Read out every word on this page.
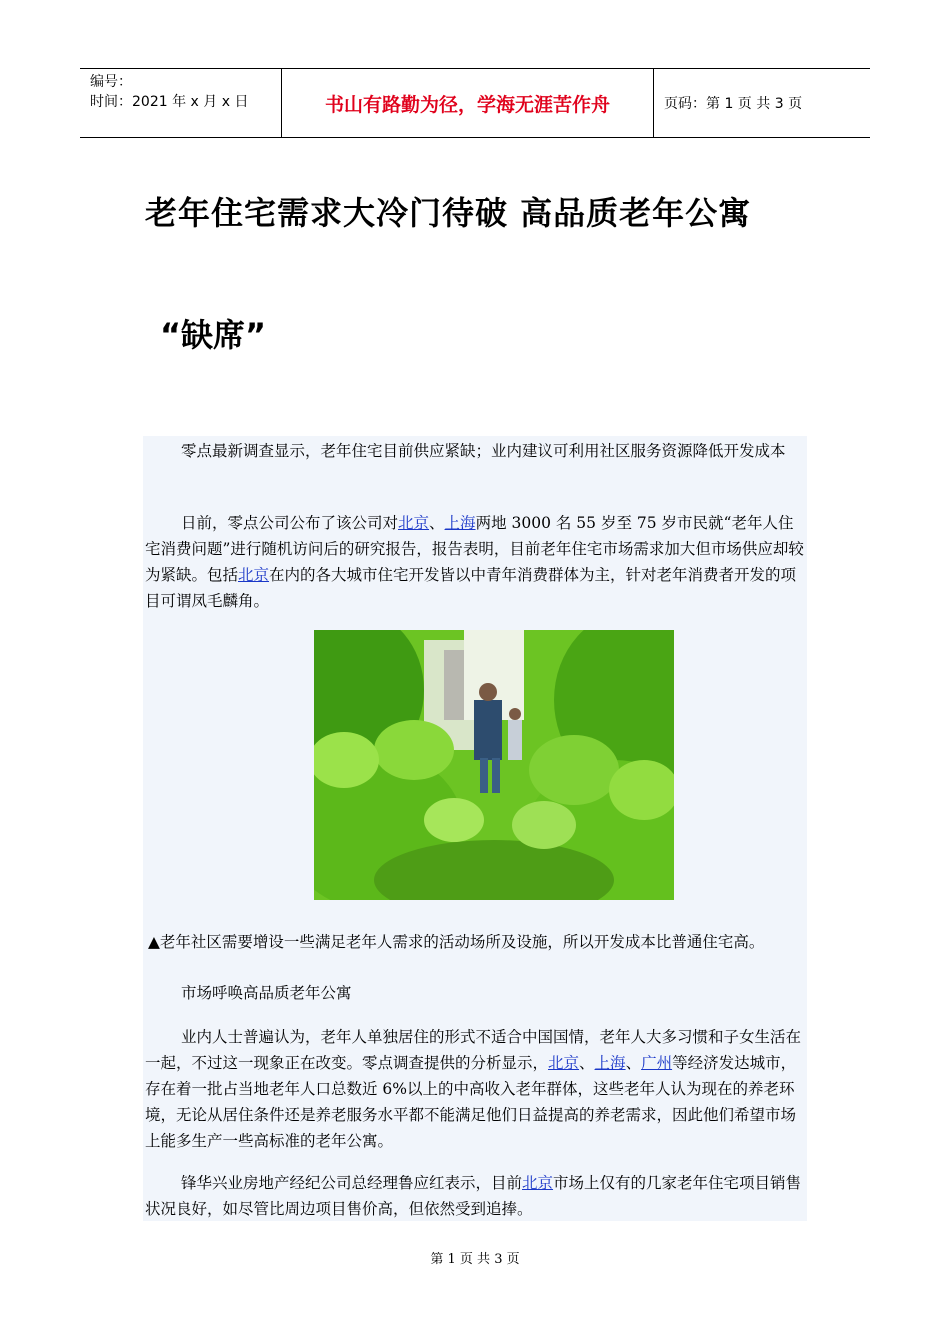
编号：
时间：2021 年 x 月 x 日	书山有路勤为径，学海无涯苦作舟	页码：第 1 页 共 3 页
老年住宅需求大冷门待破 高品质老年公寓
“缺席”
零点最新调查显示，老年住宅目前供应紧缺；业内建议可利用社区服务资源降低开发成本
日前，零点公司公布了该公司对北京、上海两地 3000 名 55 岁至 75 岁市民就“老年人住宅消费问题”进行随机访问后的研究报告，报告表明，目前老年住宅市场需求加大但市场供应却较为紧缺。包括北京在内的各大城市住宅开发皆以中青年消费群体为主，针对老年消费者开发的项目可谓凤毛麟角。
▲老年社区需要增设一些满足老年人需求的活动场所及设施，所以开发成本比普通住宅高。
市场呼唤高品质老年公寓
业内人士普遍认为，老年人单独居住的形式不适合中国国情，老年人大多习惯和子女生活在一起，不过这一现象正在改变。零点调查提供的分析显示，北京、上海、广州等经济发达城市，存在着一批占当地老年人口总数近 6%以上的中高收入老年群体，这些老年人认为现在的养老环境，无论从居住条件还是养老服务水平都不能满足他们日益提高的养老需求，因此他们希望市场上能多生产一些高标准的老年公寓。
锋华兴业房地产经纪公司总经理鲁应红表示，目前北京市场上仅有的几家老年住宅项目销售状况良好，如尽管比周边项目售价高，但依然受到追捧。
第 1 页 共 3 页
